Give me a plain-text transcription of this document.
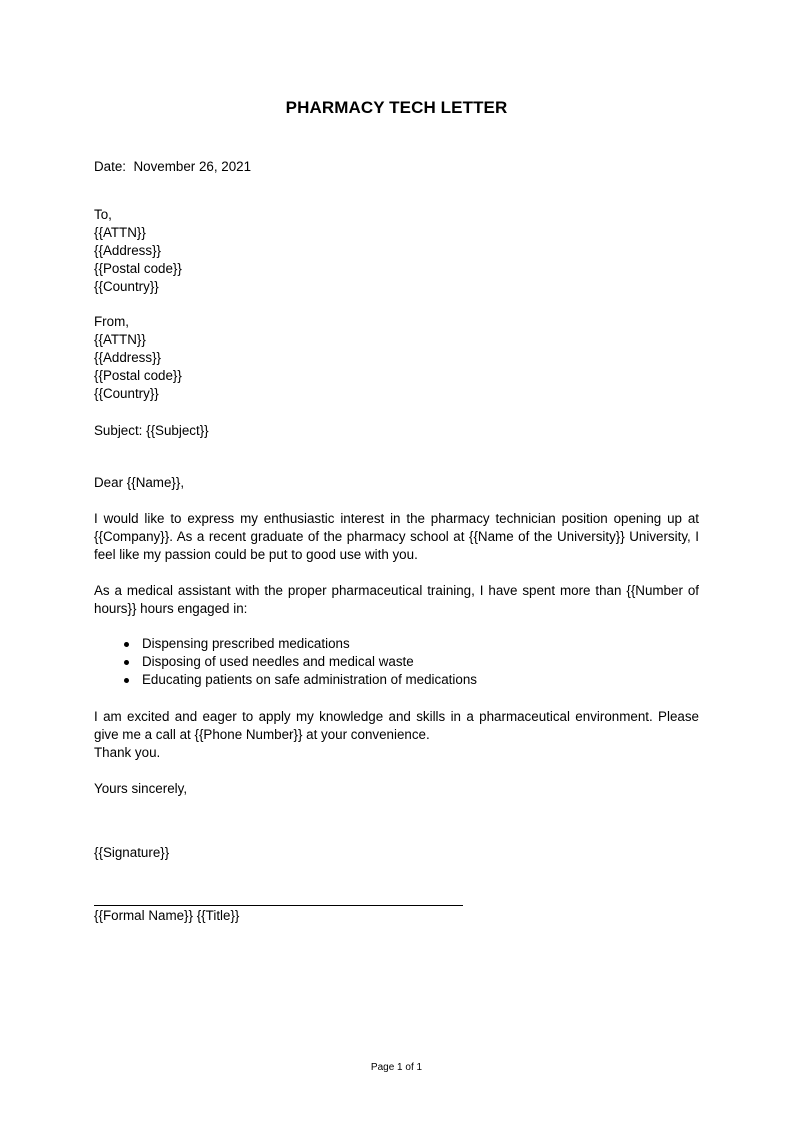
PHARMACY TECH LETTER
Date: November 26, 2021
To,
{{ATTN}}
{{Address}}
{{Postal code}}
{{Country}}
From,
{{ATTN}}
{{Address}}
{{Postal code}}
{{Country}}
Subject: {{Subject}}
Dear {{Name}},
I would like to express my enthusiastic interest in the pharmacy technician position opening up at {{Company}}. As a recent graduate of the pharmacy school at {{Name of the University}} University, I feel like my passion could be put to good use with you.
As a medical assistant with the proper pharmaceutical training, I have spent more than {{Number of hours}} hours engaged in:
Dispensing prescribed medications
Disposing of used needles and medical waste
Educating patients on safe administration of medications
I am excited and eager to apply my knowledge and skills in a pharmaceutical environment. Please give me a call at {{Phone Number}} at your convenience.
Thank you.
Yours sincerely,
{{Signature}}
{{Formal Name}} {{Title}}
Page 1 of 1
